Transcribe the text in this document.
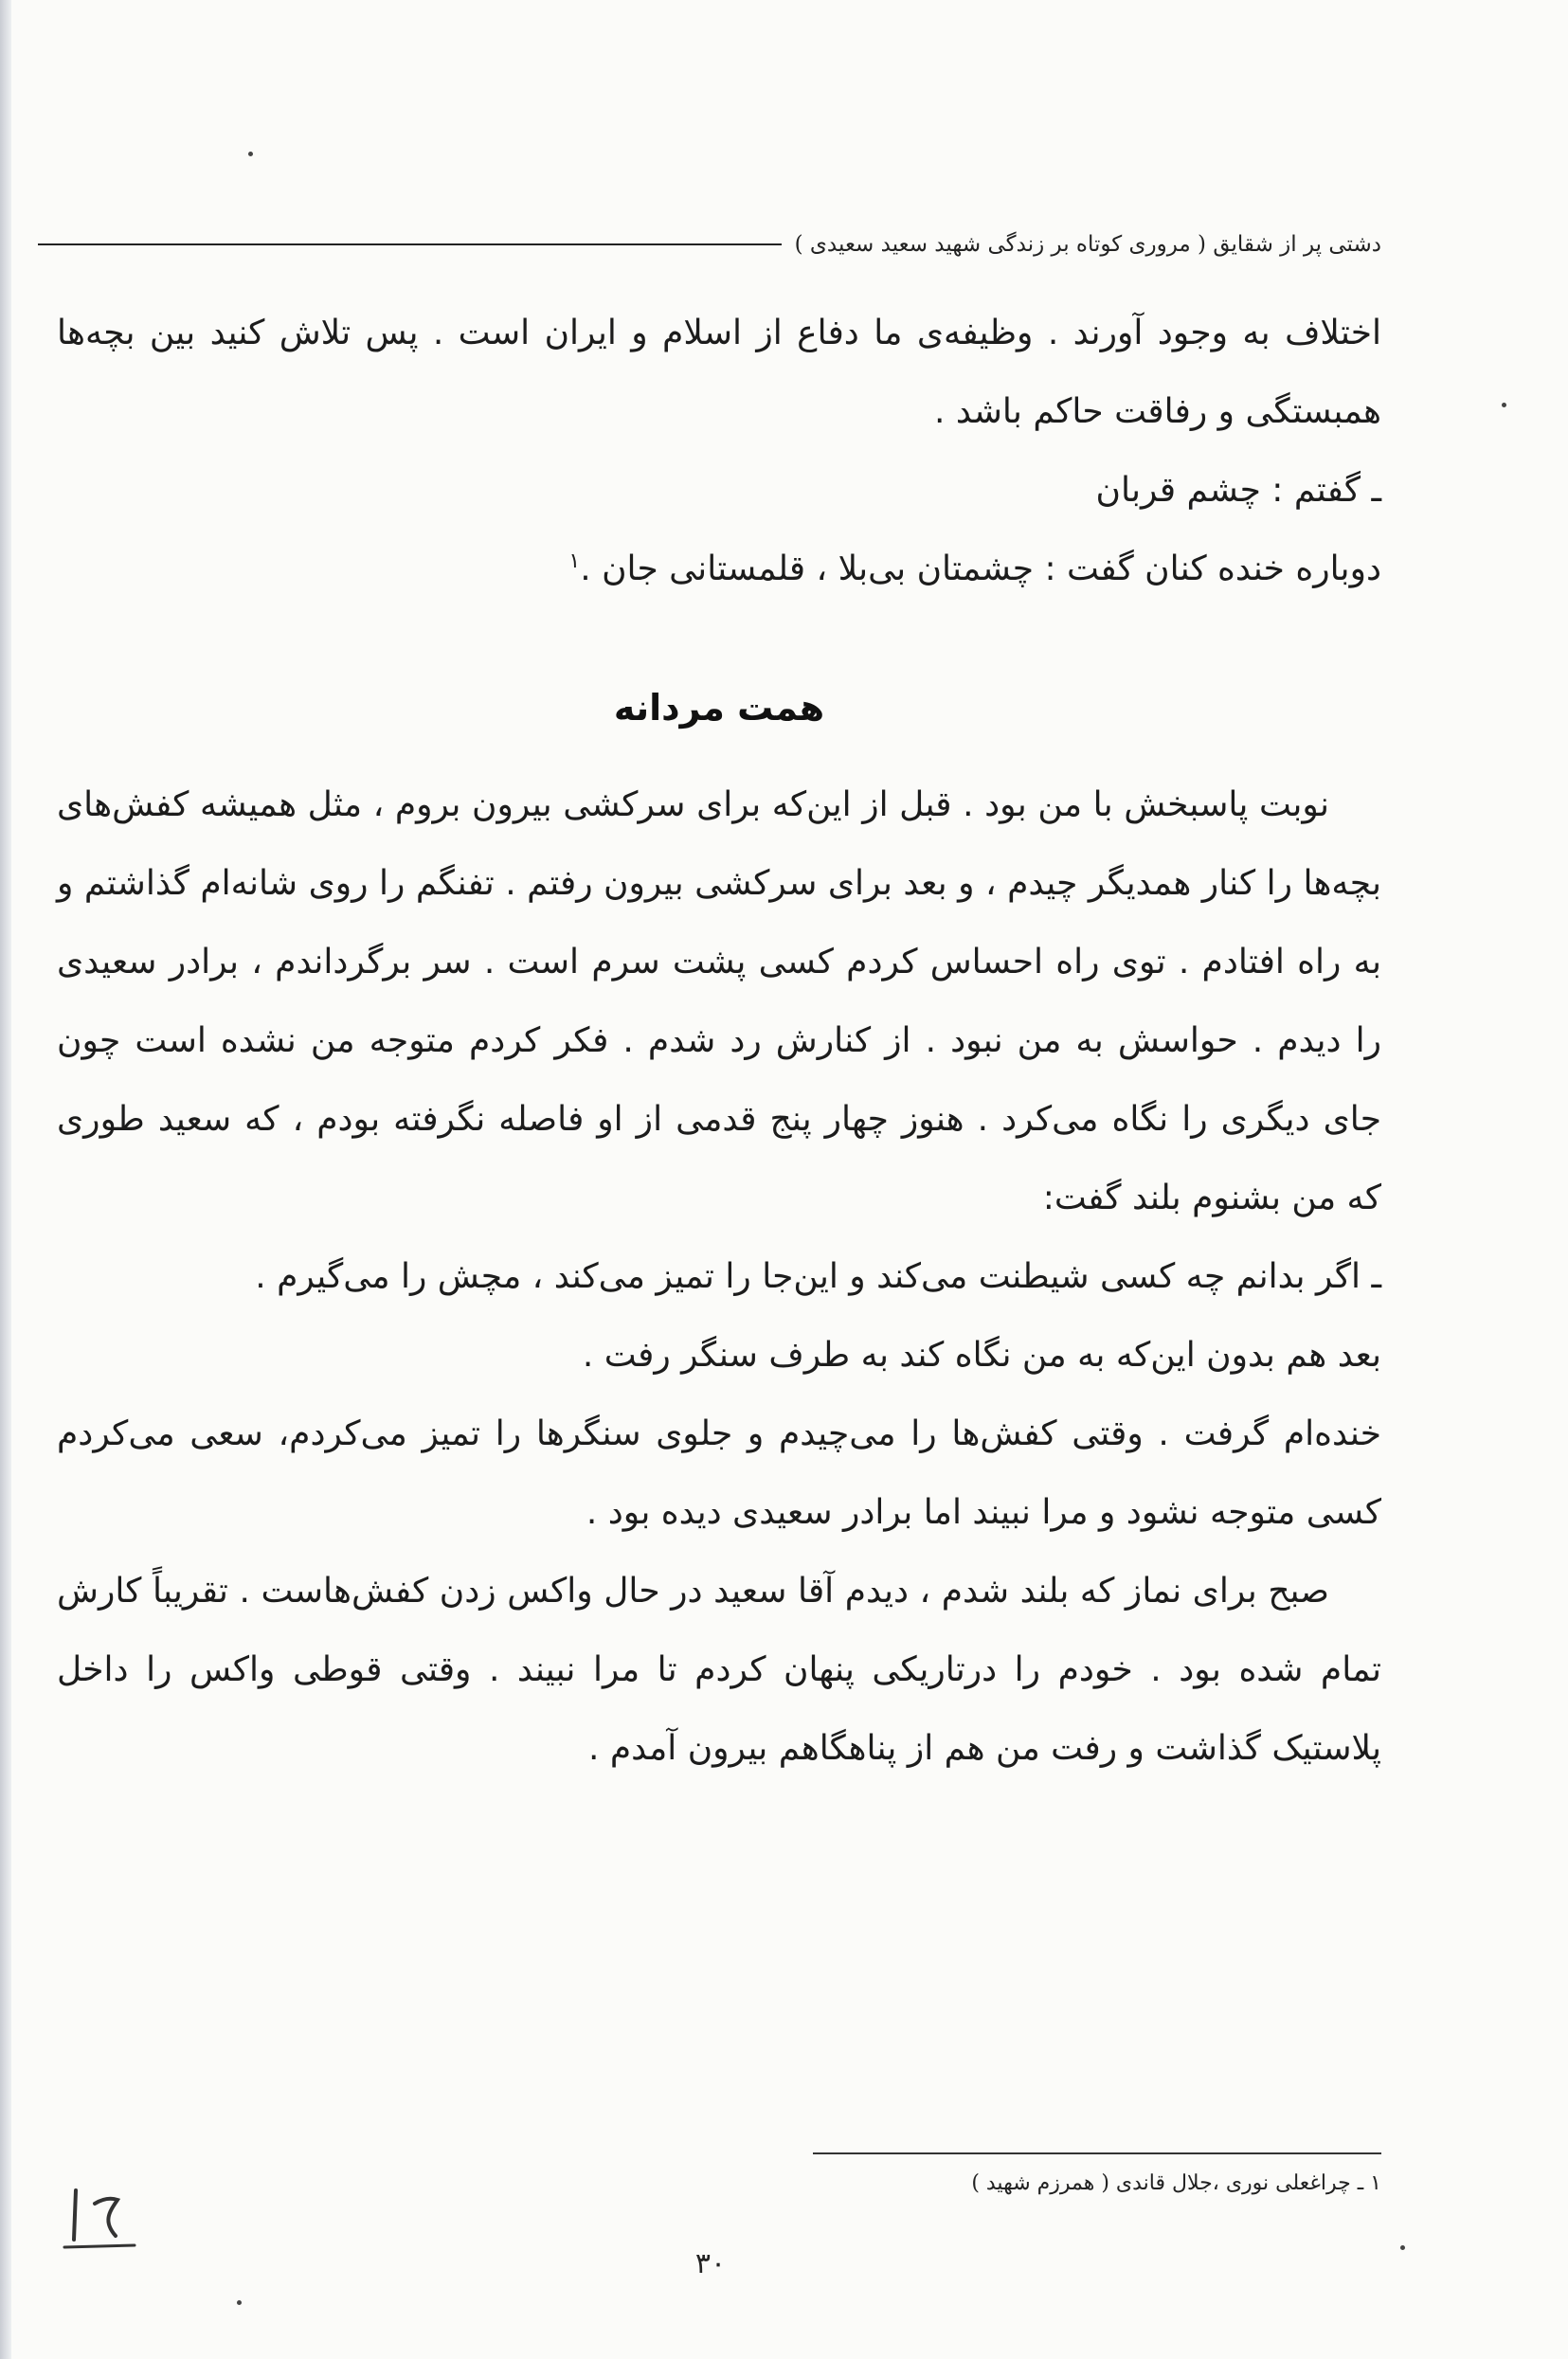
دشتی پر از شقایق ( مروری کوتاه بر زندگی شهید سعید سعیدی )

اختلاف به وجود آورند . وظیفه‌ی ما دفاع از اسلام و ایران است . پس تلاش کنید بین بچه‌ها همبستگی و رفاقت حاکم باشد .

ـ گفتم : چشم قربان

دوباره خنده کنان گفت : چشمتان بی‌بلا ، قلمستانی جان .$^۱$

همت مردانه

نوبت پاسبخش با من بود . قبل از این‌که برای سرکشی بیرون بروم ، مثل همیشه کفش‌های بچه‌ها را کنار همدیگر چیدم ، و بعد برای سرکشی بیرون رفتم . تفنگم را روی شانه‌ام گذاشتم و به راه افتادم . توی راه احساس کردم کسی پشت سرم است . سر برگرداندم ، برادر سعیدی را دیدم . حواسش به من نبود . از کنارش رد شدم . فکر کردم متوجه من نشده است چون جای دیگری را نگاه می‌کرد . هنوز چهار پنج قدمی از او فاصله نگرفته بودم ، که سعید طوری که من بشنوم بلند گفت:

ـ اگر بدانم چه کسی شیطنت می‌کند و این‌جا را تمیز می‌کند ، مچش را می‌گیرم .

بعد هم بدون این‌که به من نگاه کند به طرف سنگر رفت .

خنده‌ام گرفت . وقتی کفش‌ها را می‌چیدم و جلوی سنگرها را تمیز می‌کردم، سعی می‌کردم کسی متوجه نشود و مرا نبیند اما برادر سعیدی دیده بود .

صبح برای نماز که بلند شدم ، دیدم آقا سعید در حال واکس زدن کفش‌هاست . تقریباً کارش تمام شده بود . خودم را درتاریکی پنهان کردم تا مرا نبیند . وقتی قوطی واکس را داخل پلاستیک گذاشت و رفت من هم از پناهگاهم بیرون آمدم .

۱ ـ چراغعلی نوری ،جلال قاندی ( همرزم شهید )
۳۰
